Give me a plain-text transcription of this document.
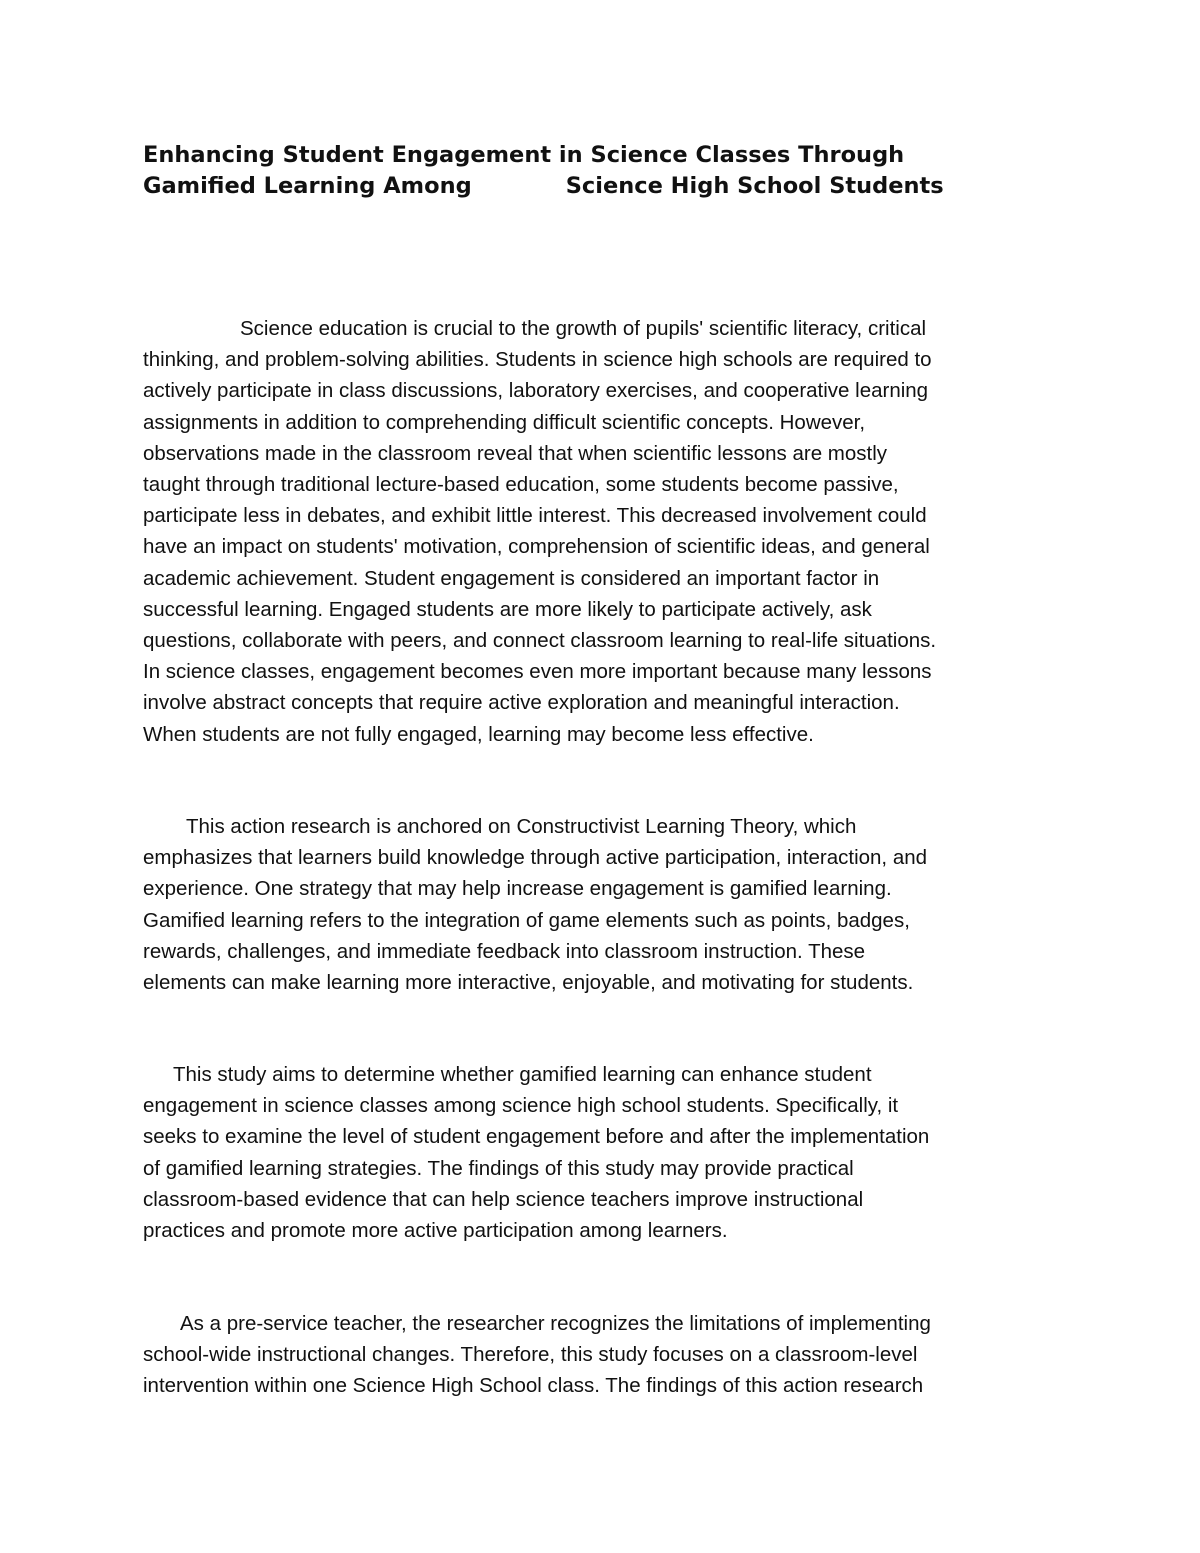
Enhancing Student Engagement in Science Classes Through
Gamified Learning Among	Science High School Students

Science education is crucial to the growth of pupils' scientific literacy, critical
thinking, and problem-solving abilities. Students in science high schools are required to
actively participate in class discussions, laboratory exercises, and cooperative learning
assignments in addition to comprehending difficult scientific concepts. However,
observations made in the classroom reveal that when scientific lessons are mostly
taught through traditional lecture-based education, some students become passive,
participate less in debates, and exhibit little interest. This decreased involvement could
have an impact on students' motivation, comprehension of scientific ideas, and general
academic achievement. Student engagement is considered an important factor in
successful learning. Engaged students are more likely to participate actively, ask
questions, collaborate with peers, and connect classroom learning to real-life situations.
In science classes, engagement becomes even more important because many lessons
involve abstract concepts that require active exploration and meaningful interaction.
When students are not fully engaged, learning may become less effective.

This action research is anchored on Constructivist Learning Theory, which
emphasizes that learners build knowledge through active participation, interaction, and
experience. One strategy that may help increase engagement is gamified learning.
Gamified learning refers to the integration of game elements such as points, badges,
rewards, challenges, and immediate feedback into classroom instruction. These
elements can make learning more interactive, enjoyable, and motivating for students.

This study aims to determine whether gamified learning can enhance student
engagement in science classes among science high school students. Specifically, it
seeks to examine the level of student engagement before and after the implementation
of gamified learning strategies. The findings of this study may provide practical
classroom-based evidence that can help science teachers improve instructional
practices and promote more active participation among learners.

As a pre-service teacher, the researcher recognizes the limitations of implementing
school-wide instructional changes. Therefore, this study focuses on a classroom-level
intervention within one Science High School class. The findings of this action research
